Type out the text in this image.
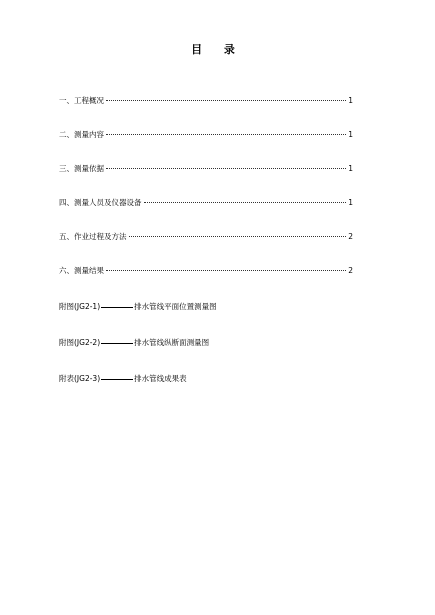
目 录
一、工程概况	1
二、测量内容	1
三、测量依据	1
四、测量人员及仪器设备	1
五、作业过程及方法	2
六、测量结果	2
附图(JG2-1)	排水管线平面位置测量图
附图(JG2-2)	排水管线纵断面测量图
附表(JG2-3)	排水管线成果表
